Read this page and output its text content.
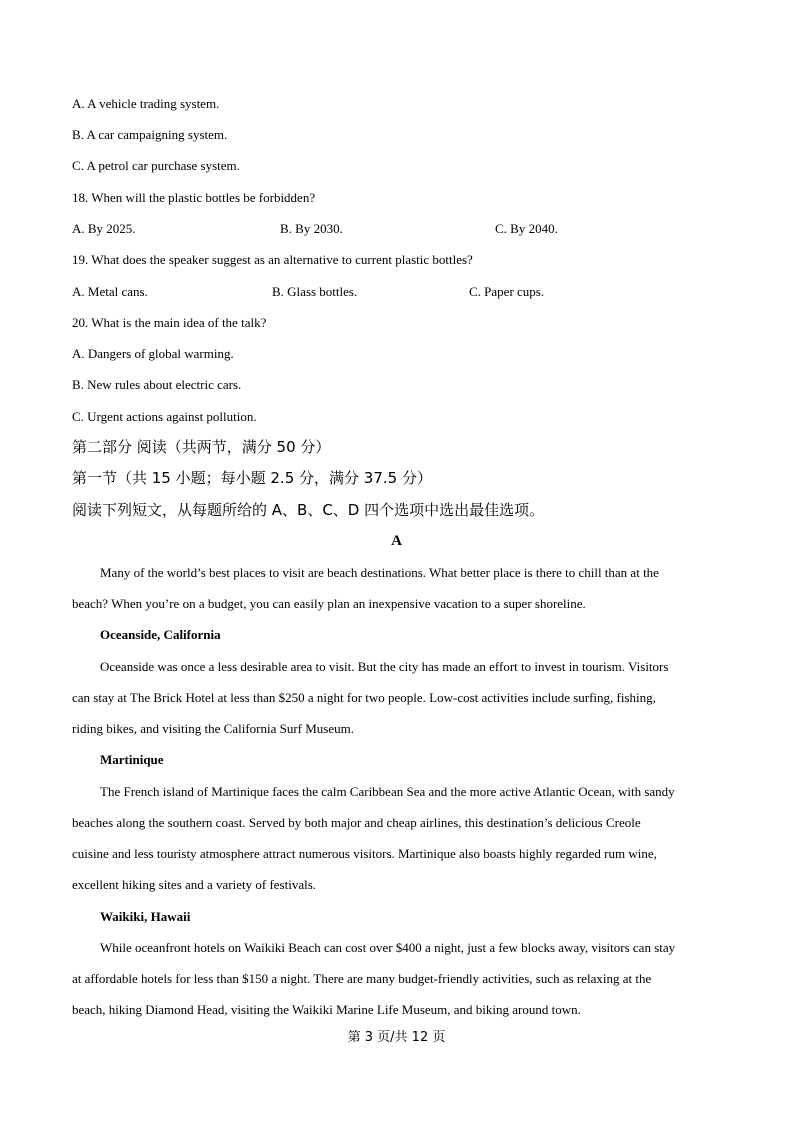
A. A vehicle trading system.
B. A car campaigning system.
C. A petrol car purchase system.
18. When will the plastic bottles be forbidden?
A. By 2025.	B. By 2030.	C. By 2040.
19. What does the speaker suggest as an alternative to current plastic bottles?
A. Metal cans.	B. Glass bottles.	C. Paper cups.
20. What is the main idea of the talk?
A. Dangers of global warming.
B. New rules about electric cars.
C. Urgent actions against pollution.
第二部分 阅读（共两节，满分 50 分）
第一节（共 15 小题；每小题 2.5 分，满分 37.5 分）
阅读下列短文，从每题所给的 A、B、C、D 四个选项中选出最佳选项。
A
Many of the world’s best places to visit are beach destinations. What better place is there to chill than at the
beach? When you’re on a budget, you can easily plan an inexpensive vacation to a super shoreline.
Oceanside, California
Oceanside was once a less desirable area to visit. But the city has made an effort to invest in tourism. Visitors
can stay at The Brick Hotel at less than $250 a night for two people. Low-cost activities include surfing, fishing,
riding bikes, and visiting the California Surf Museum.
Martinique
The French island of Martinique faces the calm Caribbean Sea and the more active Atlantic Ocean, with sandy
beaches along the southern coast. Served by both major and cheap airlines, this destination’s delicious Creole
cuisine and less touristy atmosphere attract numerous visitors. Martinique also boasts highly regarded rum wine,
excellent hiking sites and a variety of festivals.
Waikiki, Hawaii
While oceanfront hotels on Waikiki Beach can cost over $400 a night, just a few blocks away, visitors can stay
at affordable hotels for less than $150 a night. There are many budget-friendly activities, such as relaxing at the
beach, hiking Diamond Head, visiting the Waikiki Marine Life Museum, and biking around town.
第 3 页/共 12 页
